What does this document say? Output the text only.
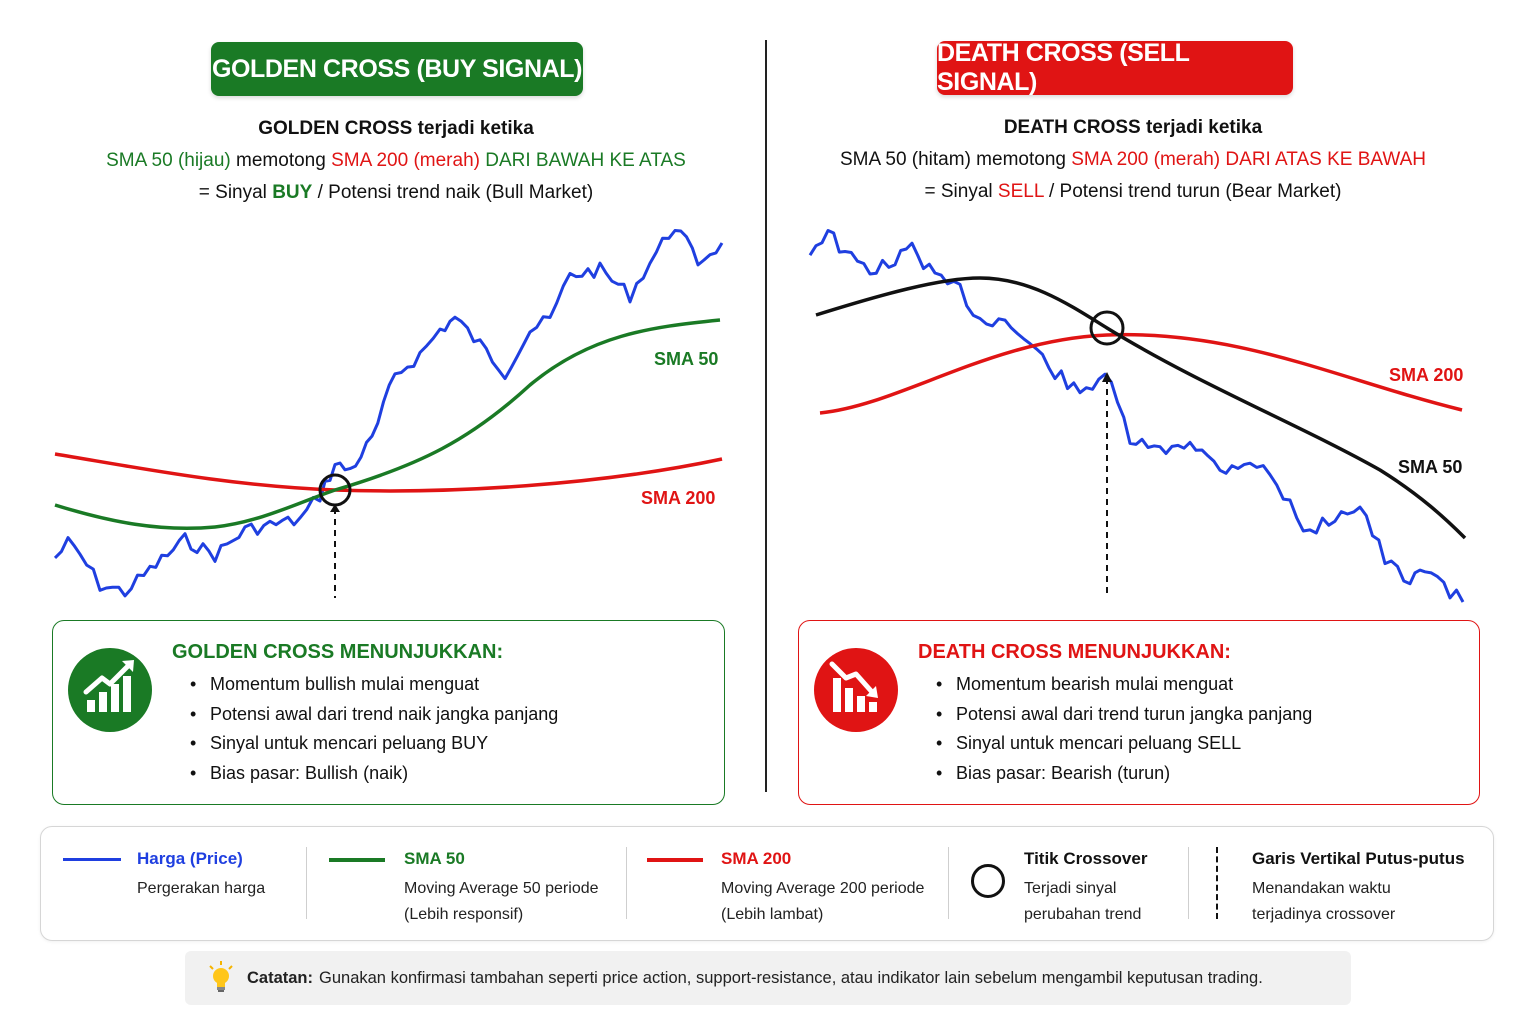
GOLDEN CROSS (BUY SIGNAL)
GOLDEN CROSS terjadi ketika
SMA 50 (hijau) memotong SMA 200 (merah) DARI BAWAH KE ATAS
= Sinyal BUY / Potensi trend naik (Bull Market)
SMA 50
SMA 200
GOLDEN CROSS MENUNJUKKAN:
• Momentum bullish mulai menguat
• Potensi awal dari trend naik jangka panjang
• Sinyal untuk mencari peluang BUY
• Bias pasar: Bullish (naik)
DEATH CROSS (SELL SIGNAL)
DEATH CROSS terjadi ketika
SMA 50 (hitam) memotong SMA 200 (merah) DARI ATAS KE BAWAH
= Sinyal SELL / Potensi trend turun (Bear Market)
SMA 200
SMA 50
DEATH CROSS MENUNJUKKAN:
• Momentum bearish mulai menguat
• Potensi awal dari trend turun jangka panjang
• Sinyal untuk mencari peluang SELL
• Bias pasar: Bearish (turun)
Harga (Price)
Pergerakan harga
SMA 50
Moving Average 50 periode
(Lebih responsif)
SMA 200
Moving Average 200 periode
(Lebih lambat)
Titik Crossover
Terjadi sinyal
perubahan trend
Garis Vertikal Putus-putus
Menandakan waktu
terjadinya crossover
Catatan: Gunakan konfirmasi tambahan seperti price action, support-resistance, atau indikator lain sebelum mengambil keputusan trading.
